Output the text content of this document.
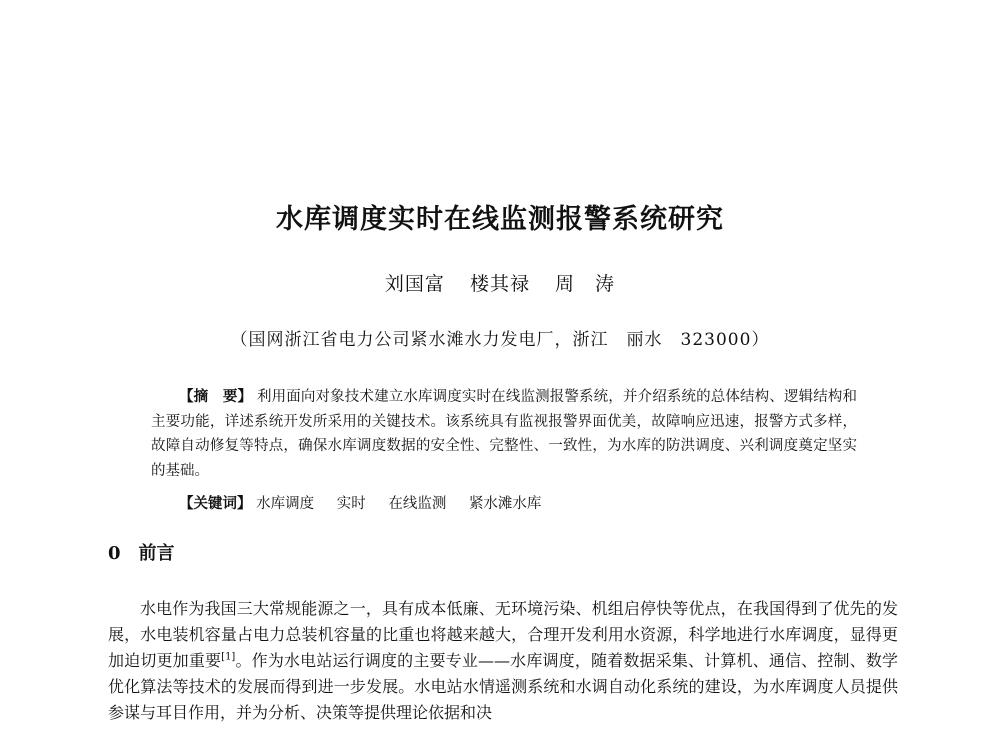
水库调度实时在线监测报警系统研究
刘国富 楼其禄 周　涛
（国网浙江省电力公司紧水滩水力发电厂，浙江　丽水　323000）

【摘　要】 利用面向对象技术建立水库调度实时在线监测报警系统，并介绍系统的总体结构、逻辑结构和主要功能，详述系统开发所采用的关键技术。该系统具有监视报警界面优美，故障响应迅速，报警方式多样，故障自动修复等特点，确保水库调度数据的安全性、完整性、一致性，为水库的防洪调度、兴利调度奠定坚实的基础。

【关键词】 水库调度 实时 在线监测 紧水滩水库
0 前言

水电作为我国三大常规能源之一，具有成本低廉、无环境污染、机组启停快等优点，在我国得到了优先的发展，水电装机容量占电力总装机容量的比重也将越来越大，合理开发利用水资源，科学地进行水库调度，显得更加迫切更加重要[1]。作为水电站运行调度的主要专业——水库调度，随着数据采集、计算机、通信、控制、数学优化算法等技术的发展而得到进一步发展。水电站水情遥测系统和水调自动化系统的建设，为水库调度人员提供参谋与耳目作用，并为分析、决策等提供理论依据和决
